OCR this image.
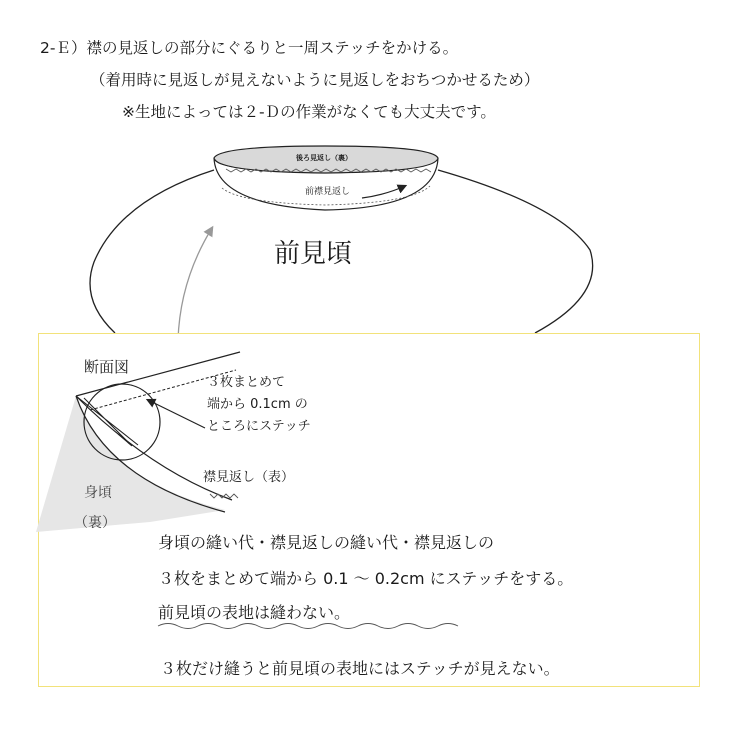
2-Ｅ）襟の見返しの部分にぐるりと一周ステッチをかける。
（着用時に見返しが見えないように見返しをおちつかせるため）
※生地によっては２-Ｄの作業がなくても大丈夫です。
後ろ見返し（裏）
前襟見返し
前見頃
断面図
３枚まとめて
端から 0.1cm の
ところにステッチ
襟見返し（表）
身頃
（裏）
身頃の縫い代・襟見返しの縫い代・襟見返しの
３枚をまとめて端から 0.1 ～ 0.2cm にステッチをする。
前見頃の表地は縫わない。
３枚だけ縫うと前見頃の表地にはステッチが見えない。
